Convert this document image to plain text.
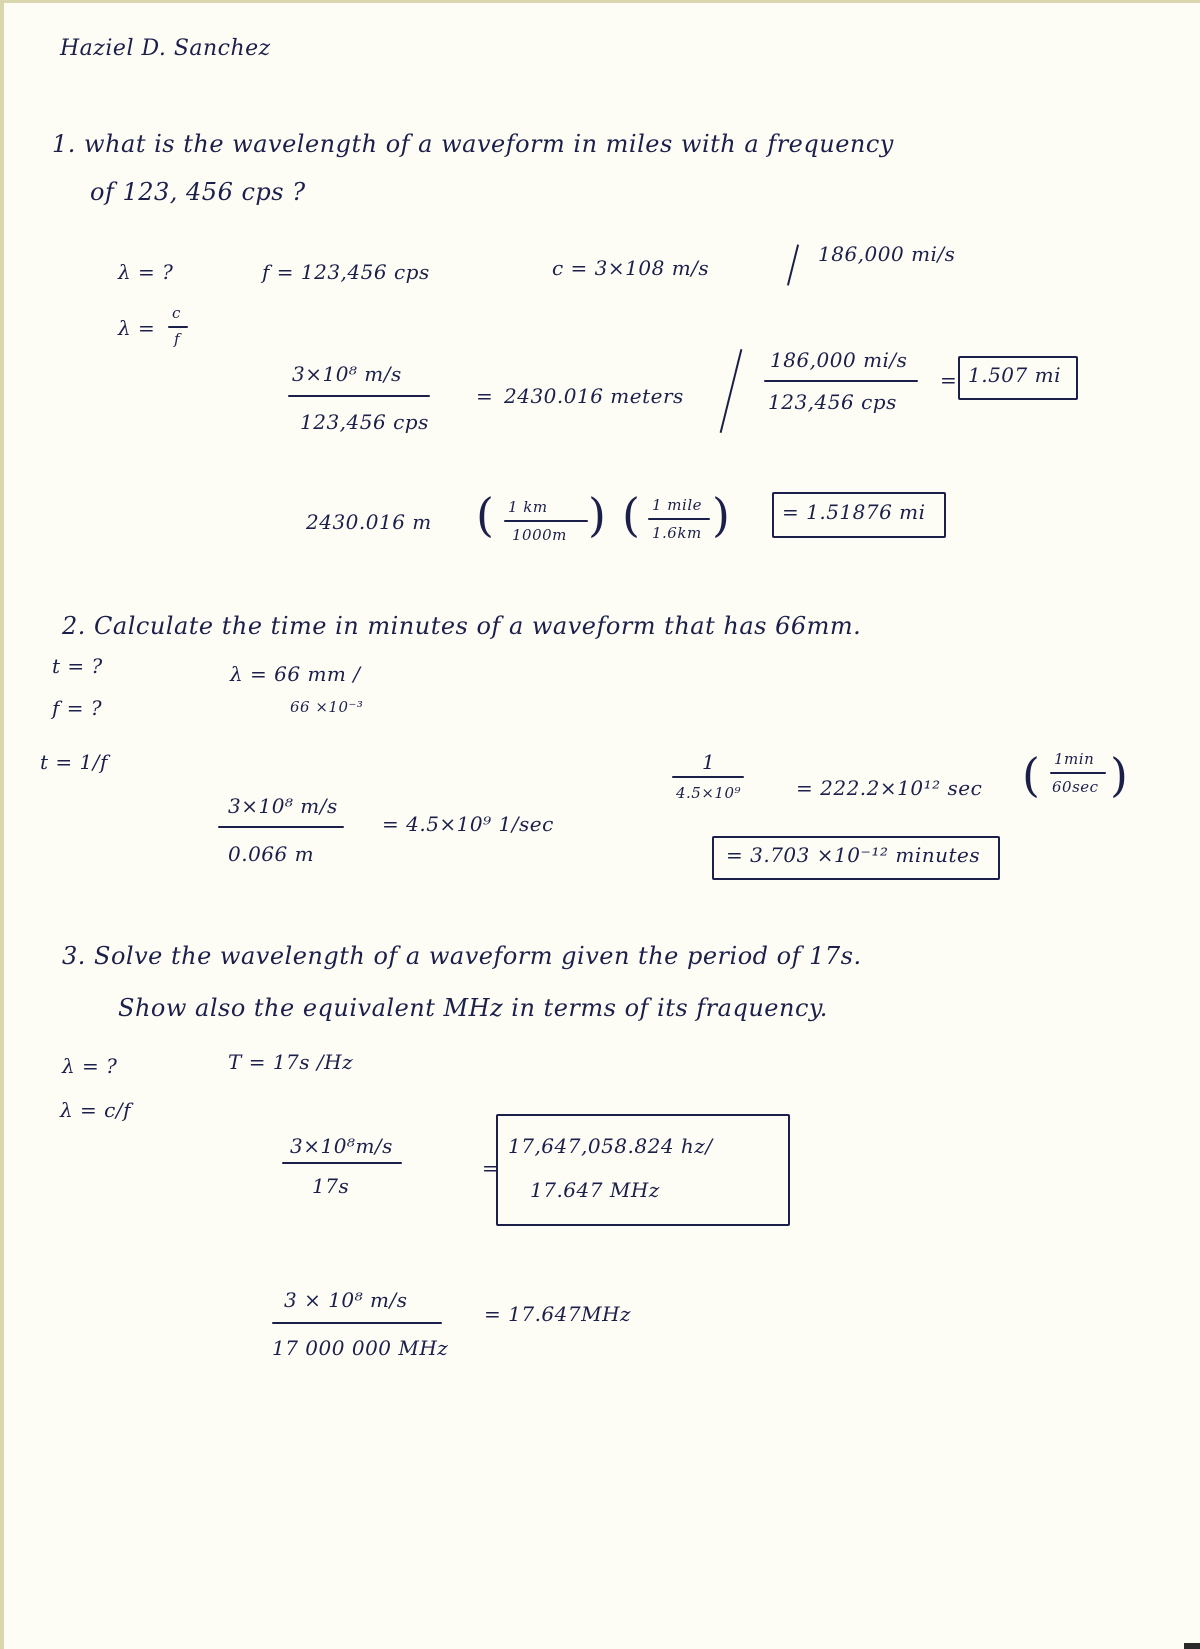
Haziel D. Sanchez
1. what is the wavelength of a waveform in miles with a frequency
of 123, 456 cps ?
λ = ?	f = 123,456 cps	c = 3×108 m/s
186,000 mi/s
λ =
c
f
3×10⁸ m/s
123,456 cps
= 2430.016 meters
186,000 mi/s
123,456 cps
= 1.507 mi
2430.016 m ( 1 km
1000m ) ( 1 mile
1.6km )	= 1.51876 mi
2. Calculate the time in minutes of a waveform that has 66mm.
t = ?	λ = 66 mm /
f = ?	66 ×10⁻³
t = 1/f
3×10⁸ m/s
0.066 m
= 4.5×10⁹ 1/sec
1
4.5×10⁹	= 222.2×10¹² sec ( 1min
60sec )
= 3.703 ×10⁻¹² minutes
3. Solve the wavelength of a waveform given the period of 17s.
Show also the equivalent MHz in terms of its fraquency.
λ = ?	T = 17s /Hz
λ = c/f
3×10⁸m/s
17s
=
17,647,058.824 hz/
17.647 MHz
3 × 10⁸ m/s
17 000 000 MHz
= 17.647MHz
